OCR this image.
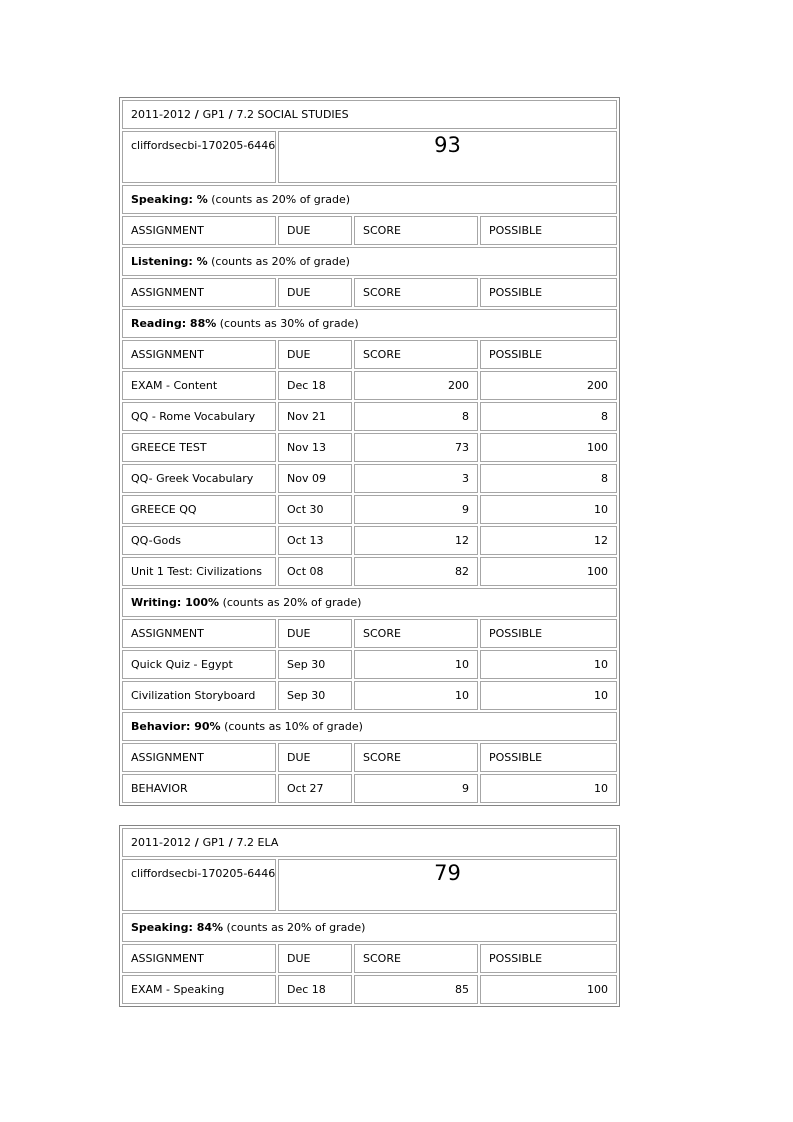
2011-2012 / GP1 / 7.2 SOCIAL STUDIES			
cliffordsecbi-170205-6446	93		
Speaking: % (counts as 20% of grade)			
ASSIGNMENT	DUE	SCORE	POSSIBLE
Listening: % (counts as 20% of grade)			
ASSIGNMENT	DUE	SCORE	POSSIBLE
Reading: 88% (counts as 30% of grade)			
ASSIGNMENT	DUE	SCORE	POSSIBLE
EXAM - Content	Dec 18	200	200
QQ - Rome Vocabulary	Nov 21	8	8
GREECE TEST	Nov 13	73	100
QQ- Greek Vocabulary	Nov 09	3	8
GREECE QQ	Oct 30	9	10
QQ-Gods	Oct 13	12	12
Unit 1 Test: Civilizations	Oct 08	82	100
Writing: 100% (counts as 20% of grade)			
ASSIGNMENT	DUE	SCORE	POSSIBLE
Quick Quiz - Egypt	Sep 30	10	10
Civilization Storyboard	Sep 30	10	10
Behavior: 90% (counts as 10% of grade)			
ASSIGNMENT	DUE	SCORE	POSSIBLE
BEHAVIOR	Oct 27	9	10
2011-2012 / GP1 / 7.2 ELA			
cliffordsecbi-170205-6446	79		
Speaking: 84% (counts as 20% of grade)			
ASSIGNMENT	DUE	SCORE	POSSIBLE
EXAM - Speaking	Dec 18	85	100
